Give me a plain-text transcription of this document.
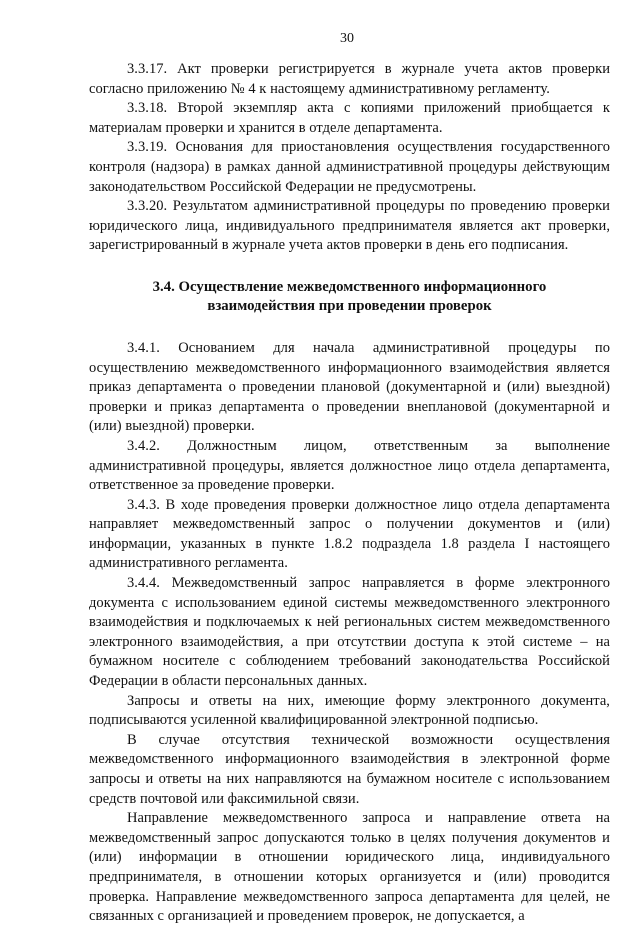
30

3.3.17. Акт проверки регистрируется в журнале учета актов проверки согласно приложению № 4 к настоящему административному регламенту.

3.3.18. Второй экземпляр акта с копиями приложений приобщается к материалам проверки и хранится в отделе департамента.

3.3.19. Основания для приостановления осуществления государственного контроля (надзора) в рамках данной административной процедуры действующим законодательством Российской Федерации не предусмотрены.

3.3.20. Результатом административной процедуры по проведению проверки юридического лица, индивидуального предпринимателя является акт проверки, зарегистрированный в журнале учета актов проверки в день его подписания.

3.4. Осуществление межведомственного информационного
взаимодействия при проведении проверок

3.4.1. Основанием для начала административной процедуры по осуществлению межведомственного информационного взаимодействия является приказ департамента о проведении плановой (документарной и (или) выездной) проверки и приказ департамента о проведении внеплановой (документарной и (или) выездной) проверки.

3.4.2. Должностным лицом, ответственным за выполнение административной процедуры, является должностное лицо отдела департамента, ответственное за проведение проверки.

3.4.3. В ходе проведения проверки должностное лицо отдела департамента направляет межведомственный запрос о получении документов и (или) информации, указанных в пункте 1.8.2 подраздела 1.8 раздела I настоящего административного регламента.

3.4.4. Межведомственный запрос направляется в форме электронного документа с использованием единой системы межведомственного электронного взаимодействия и подключаемых к ней региональных систем межведомственного электронного взаимодействия, а при отсутствии доступа к этой системе – на бумажном носителе с соблюдением требований законодательства Российской Федерации в области персональных данных.

Запросы и ответы на них, имеющие форму электронного документа, подписываются усиленной квалифицированной электронной подписью.

В случае отсутствия технической возможности осуществления межведомственного информационного взаимодействия в электронной форме запросы и ответы на них направляются на бумажном носителе с использованием средств почтовой или факсимильной связи.

Направление межведомственного запроса и направление ответа на межведомственный запрос допускаются только в целях получения документов и (или) информации в отношении юридического лица, индивидуального предпринимателя, в отношении которых организуется и (или) проводится проверка. Направление межведомственного запроса департамента для целей, не связанных с организацией и проведением проверок, не допускается, а
